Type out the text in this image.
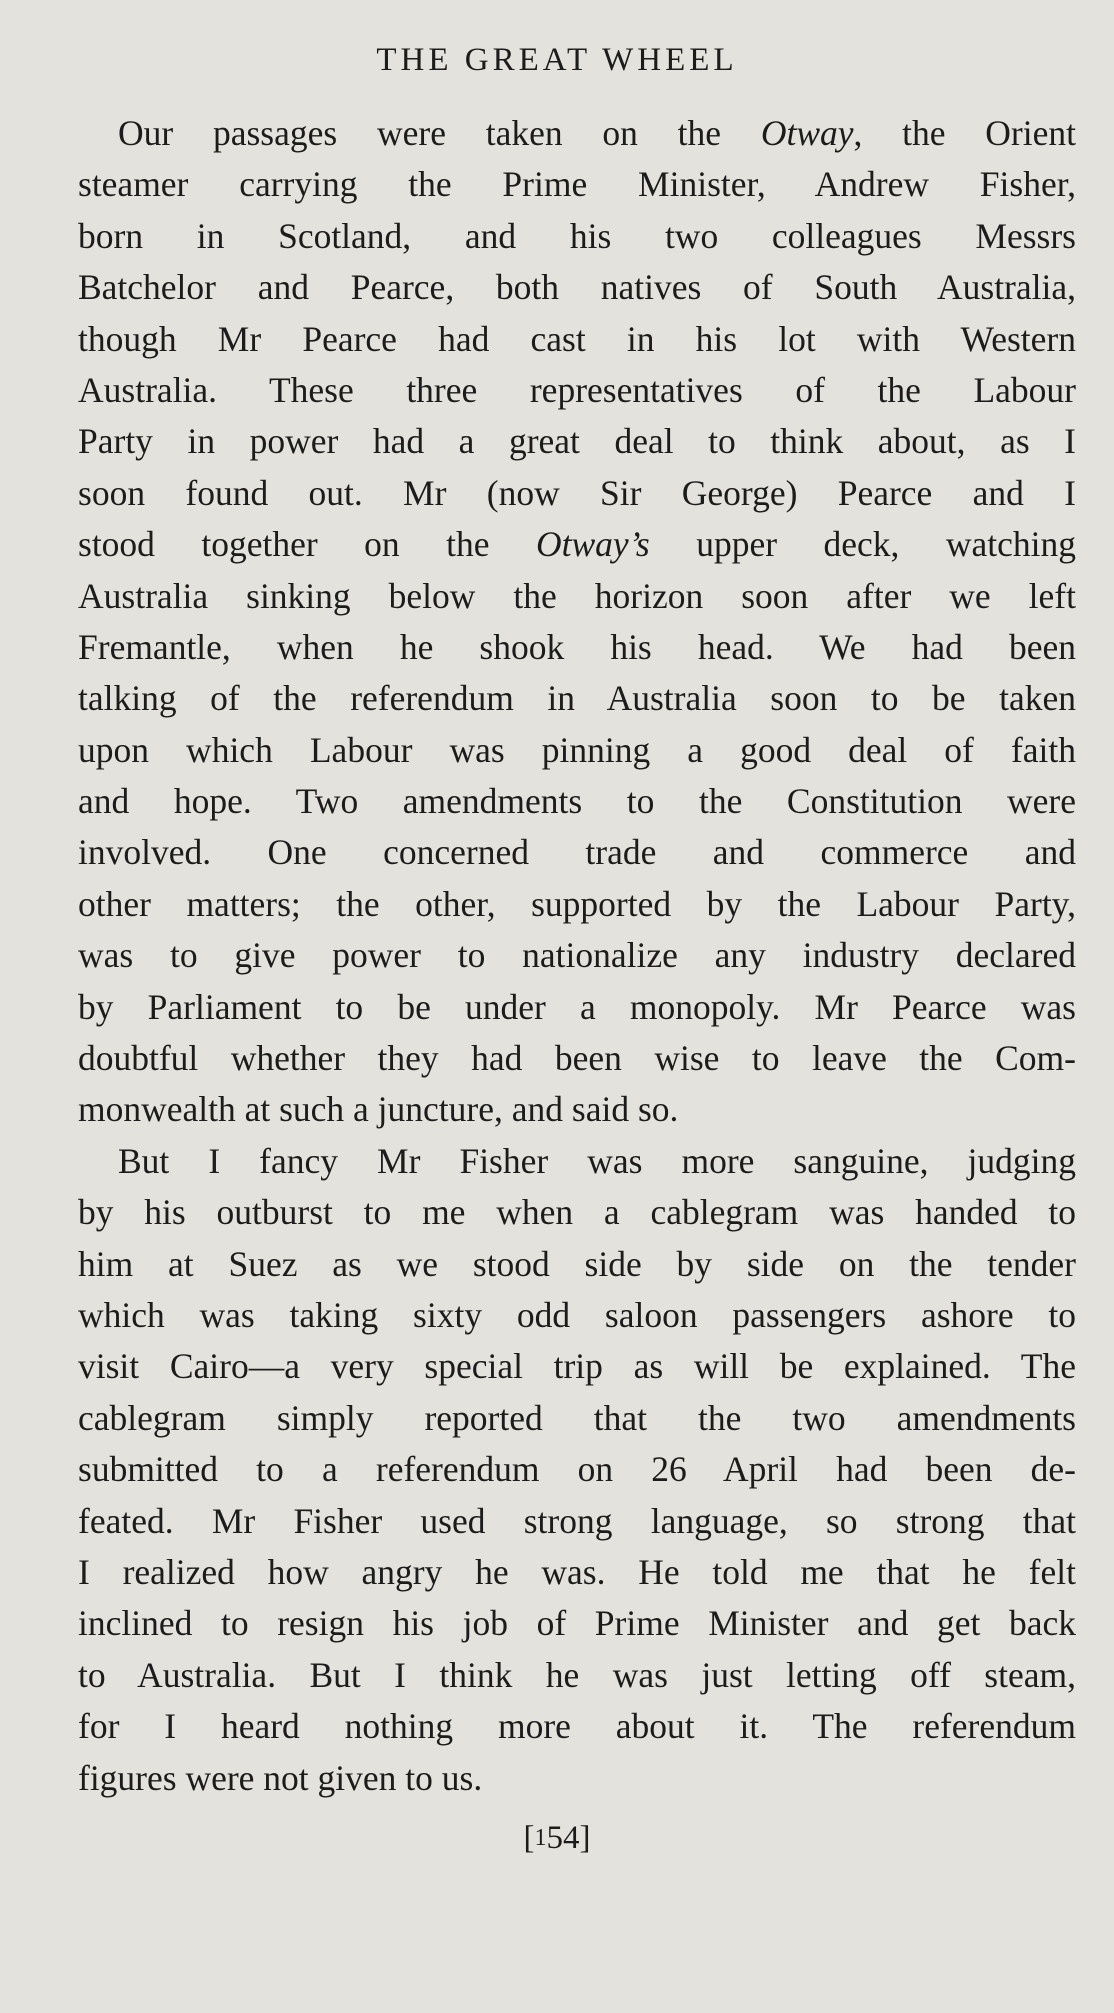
THE GREAT WHEEL
Our passages were taken on the Otway, the Orient
steamer carrying the Prime Minister, Andrew Fisher,
born in Scotland, and his two colleagues Messrs
Batchelor and Pearce, both natives of South Australia,
though Mr Pearce had cast in his lot with Western
Australia. These three representatives of the Labour
Party in power had a great deal to think about, as I
soon found out. Mr (now Sir George) Pearce and I
stood together on the Otway’s upper deck, watching
Australia sinking below the horizon soon after we left
Fremantle, when he shook his head. We had been
talking of the referendum in Australia soon to be taken
upon which Labour was pinning a good deal of faith
and hope. Two amendments to the Constitution were
involved. One concerned trade and commerce and
other matters; the other, supported by the Labour Party,
was to give power to nationalize any industry declared
by Parliament to be under a monopoly. Mr Pearce was
doubtful whether they had been wise to leave the Com-
monwealth at such a juncture, and said so.
But I fancy Mr Fisher was more sanguine, judging
by his outburst to me when a cablegram was handed to
him at Suez as we stood side by side on the tender
which was taking sixty odd saloon passengers ashore to
visit Cairo—a very special trip as will be explained. The
cablegram simply reported that the two amendments
submitted to a referendum on 26 April had been de-
feated. Mr Fisher used strong language, so strong that
I realized how angry he was. He told me that he felt
inclined to resign his job of Prime Minister and get back
to Australia. But I think he was just letting off steam,
for I heard nothing more about it. The referendum
figures were not given to us.
[154]
